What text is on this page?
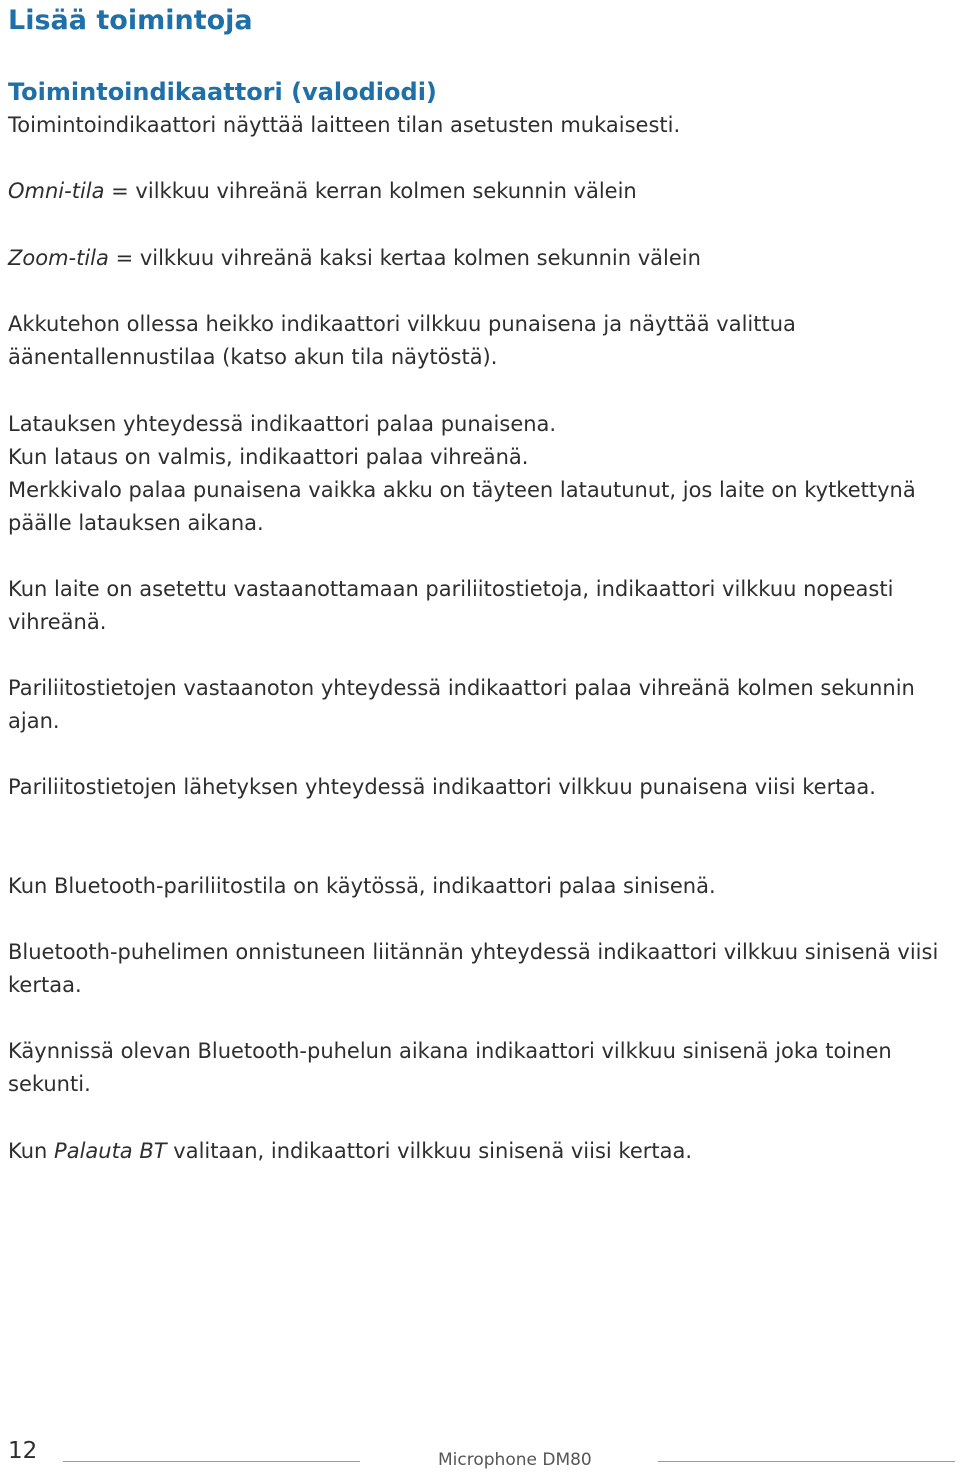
Lisää toimintoja
Toimintoindikaattori (valodiodi)

Toimintoindikaattori näyttää laitteen tilan asetusten mukaisesti.

Omni-tila = vilkkuu vihreänä kerran kolmen sekunnin välein

Zoom-tila = vilkkuu vihreänä kaksi kertaa kolmen sekunnin välein

Akkutehon ollessa heikko indikaattori vilkkuu punaisena ja näyttää valittua äänentallennustilaa (katso akun tila näytöstä).

Latauksen yhteydessä indikaattori palaa punaisena.

Kun lataus on valmis, indikaattori palaa vihreänä.

Merkkivalo palaa punaisena vaikka akku on täyteen latautunut, jos laite on kytkettynä päälle latauksen aikana.

Kun laite on asetettu vastaanottamaan pariliitostietoja, indikaattori vilkkuu nopeasti vihreänä.

Pariliitostietojen vastaanoton yhteydessä indikaattori palaa vihreänä kolmen sekunnin ajan.

Pariliitostietojen lähetyksen yhteydessä indikaattori vilkkuu punaisena viisi kertaa.

Kun Bluetooth-pariliitostila on käytössä, indikaattori palaa sinisenä.

Bluetooth-puhelimen onnistuneen liitännän yhteydessä indikaattori vilkkuu sinisenä viisi kertaa.

Käynnissä olevan Bluetooth-puhelun aikana indikaattori vilkkuu sinisenä joka toinen sekunti.

Kun Palauta BT valitaan, indikaattori vilkkuu sinisenä viisi kertaa.

12	Microphone DM80
